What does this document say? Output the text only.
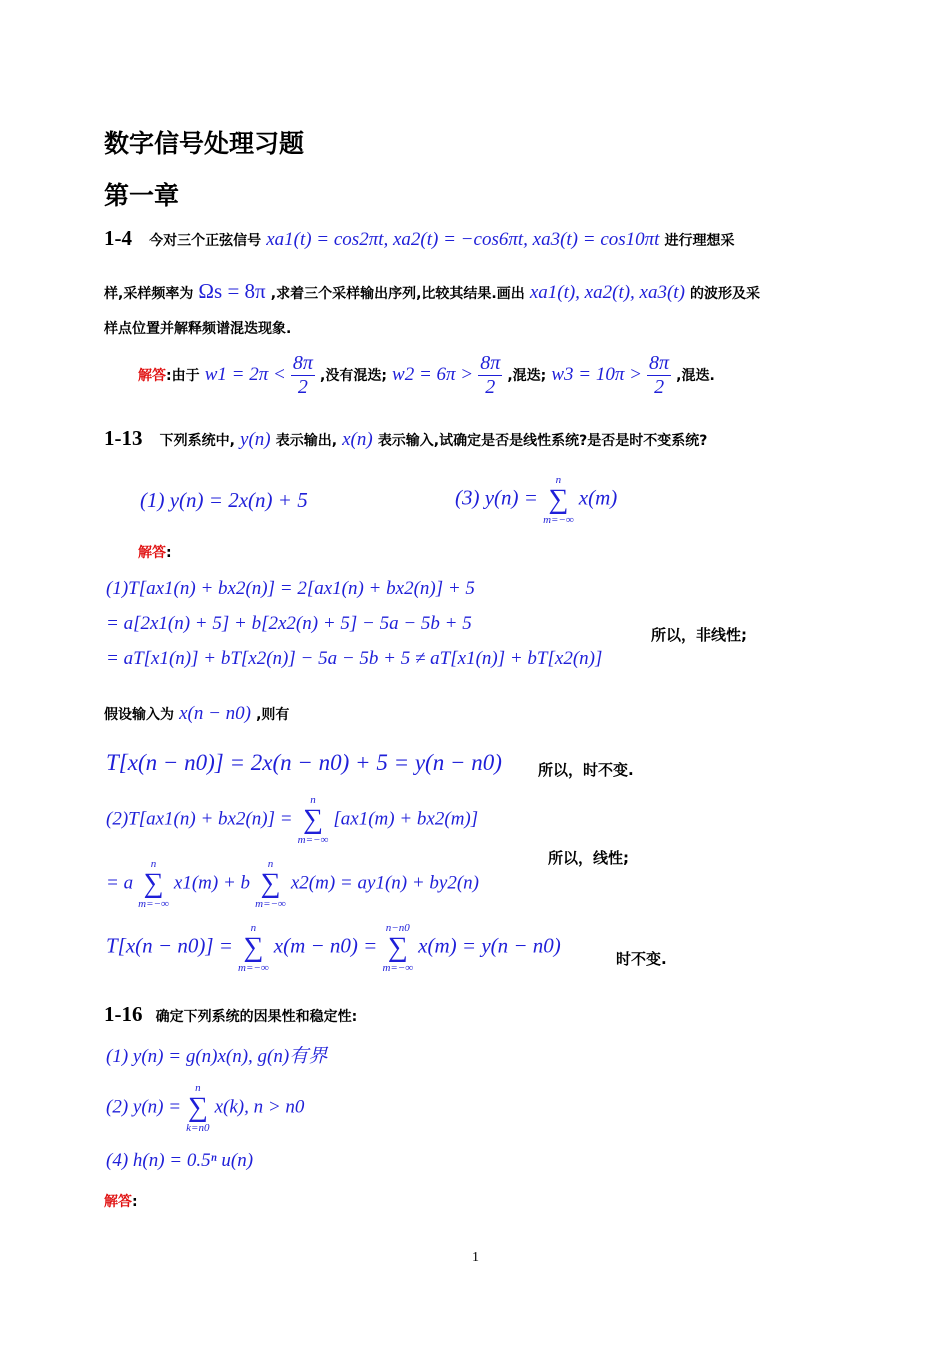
数字信号处理习题
第一章
1-4 今对三个正弦信号 xa1(t) = cos2πt, xa2(t) = −cos6πt, xa3(t) = cos10πt 进行理想采
样,采样频率为 Ωs = 8π ,求着三个采样输出序列,比较其结果.画出 xa1(t), xa2(t), xa3(t) 的波形及采
样点位置并解释频谱混迭现象.
解答:由于 $w1 = 2\pi < \frac{8\pi}{2}$ ,没有混迭; $w2 = 6\pi > \frac{8\pi}{2}$ ,混迭; $w3 = 10\pi > \frac{8\pi}{2}$ ,混迭.
1-13 下列系统中, y(n) 表示输出, x(n) 表示输入,试确定是否是线性系统?是否是时不变系统?
(1) y(n) = 2x(n) + 5	(3) y(n) =
n
∑
m=−∞
x(m)
解答:
(1)T[ax1(n) + bx2(n)] = 2[ax1(n) + bx2(n)] + 5
= a[2x1(n) + 5] + b[2x2(n) + 5] − 5a − 5b + 5
= aT[x1(n)] + bT[x2(n)] − 5a − 5b + 5 ≠ aT[x1(n)] + bT[x2(n)]
所以，非线性;
假设输入为 x(n − n0) ,则有
T[x(n − n0)] = 2x(n − n0) + 5 = y(n − n0) 所以，时不变.
(2)T[ax1(n) + bx2(n)] =
n
∑
m=−∞
[ax1(m) + bx2(m)]
所以，线性;
= a
n
∑
m=−∞
x1(m) + b
n
∑
m=−∞
x2(m) = ay1(n) + by2(n)
T[x(n − n0)] =
n
∑
m=−∞
x(m − n0) =
n−n0
∑
m=−∞
x(m) = y(n − n0)
时不变.
1-16 确定下列系统的因果性和稳定性:
(1) y(n) = g(n)x(n), g(n)有界
(2) y(n) =
n
∑
k=n0
x(k), n > n0
(4) h(n) = 0.5ⁿ u(n)
解答:
1
